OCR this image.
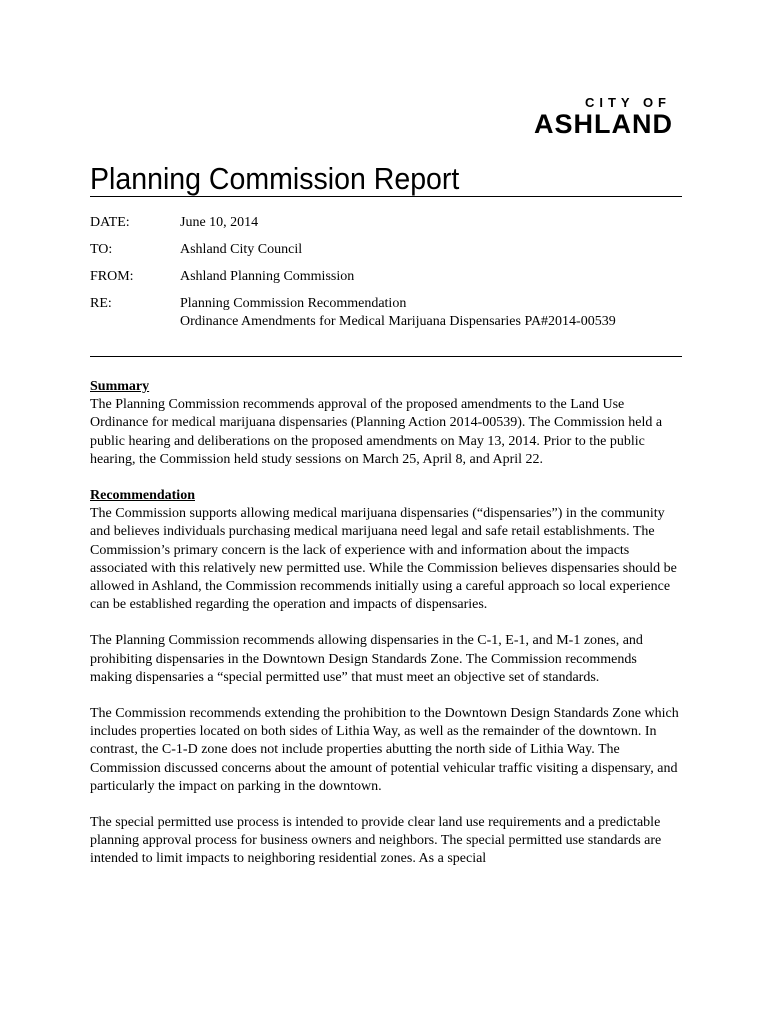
CITY OF
ASHLAND
Planning Commission Report
DATE:	June 10, 2014
TO:	Ashland City Council
FROM:	Ashland Planning Commission
RE:	Planning Commission Recommendation
Ordinance Amendments for Medical Marijuana Dispensaries PA#2014-00539
Summary

The Planning Commission recommends approval of the proposed amendments to the Land Use Ordinance for medical marijuana dispensaries (Planning Action 2014-00539). The Commission held a public hearing and deliberations on the proposed amendments on May 13, 2014. Prior to the public hearing, the Commission held study sessions on March 25, April 8, and April 22.

Recommendation

The Commission supports allowing medical marijuana dispensaries (“dispensaries”) in the community and believes individuals purchasing medical marijuana need legal and safe retail establishments. The Commission’s primary concern is the lack of experience with and information about the impacts associated with this relatively new permitted use. While the Commission believes dispensaries should be allowed in Ashland, the Commission recommends initially using a careful approach so local experience can be established regarding the operation and impacts of dispensaries.

The Planning Commission recommends allowing dispensaries in the C-1, E-1, and M-1 zones, and prohibiting dispensaries in the Downtown Design Standards Zone. The Commission recommends making dispensaries a “special permitted use” that must meet an objective set of standards.

The Commission recommends extending the prohibition to the Downtown Design Standards Zone which includes properties located on both sides of Lithia Way, as well as the remainder of the downtown. In contrast, the C-1-D zone does not include properties abutting the north side of Lithia Way. The Commission discussed concerns about the amount of potential vehicular traffic visiting a dispensary, and particularly the impact on parking in the downtown.

The special permitted use process is intended to provide clear land use requirements and a predictable planning approval process for business owners and neighbors. The special permitted use standards are intended to limit impacts to neighboring residential zones. As a special
